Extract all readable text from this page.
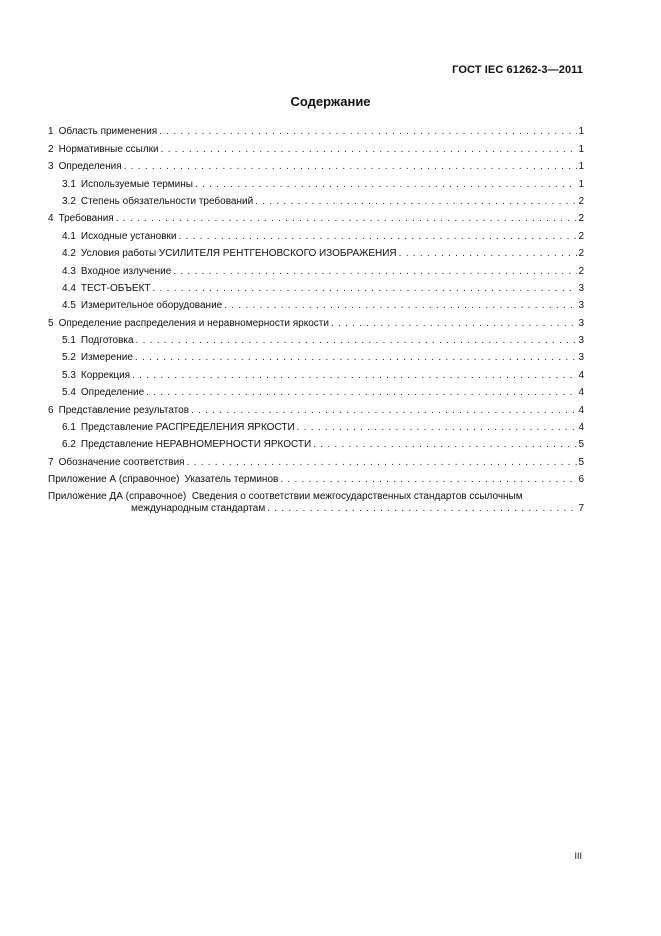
ГОСТ IEC 61262-3—2011
Содержание
1 Область применения . . .	1
2 Нормативные ссылки . . .	1
3 Определения . . .	1
3.1 Используемые термины . . .	1
3.2 Степень обязательности требований . . .	2
4 Требования . . .	2
4.1 Исходные установки . . .	2
4.2 Условия работы УСИЛИТЕЛЯ РЕНТГЕНОВСКОГО ИЗОБРАЖЕНИЯ . . .	2
4.3 Входное излучение . . .	2
4.4 ТЕСТ-ОБЪЕКТ . . .	3
4.5 Измерительное оборудование . . .	3
5 Определение распределения и неравномерности яркости . . .	3
5.1 Подготовка . . .	3
5.2 Измерение . . .	3
5.3 Коррекция . . .	4
5.4 Определение . . .	4
6 Представление результатов . . .	4
6.1 Представление РАСПРЕДЕЛЕНИЯ ЯРКОСТИ . . .	4
6.2 Представление НЕРАВНОМЕРНОСТИ ЯРКОСТИ . . .	5
7 Обозначение соответствия . . .	5
Приложение А (справочное) Указатель терминов . . .	6
Приложение ДА (справочное) Сведения о соответствии межгосударственных стандартов ссылочным
международным стандартам . . .	7
III
